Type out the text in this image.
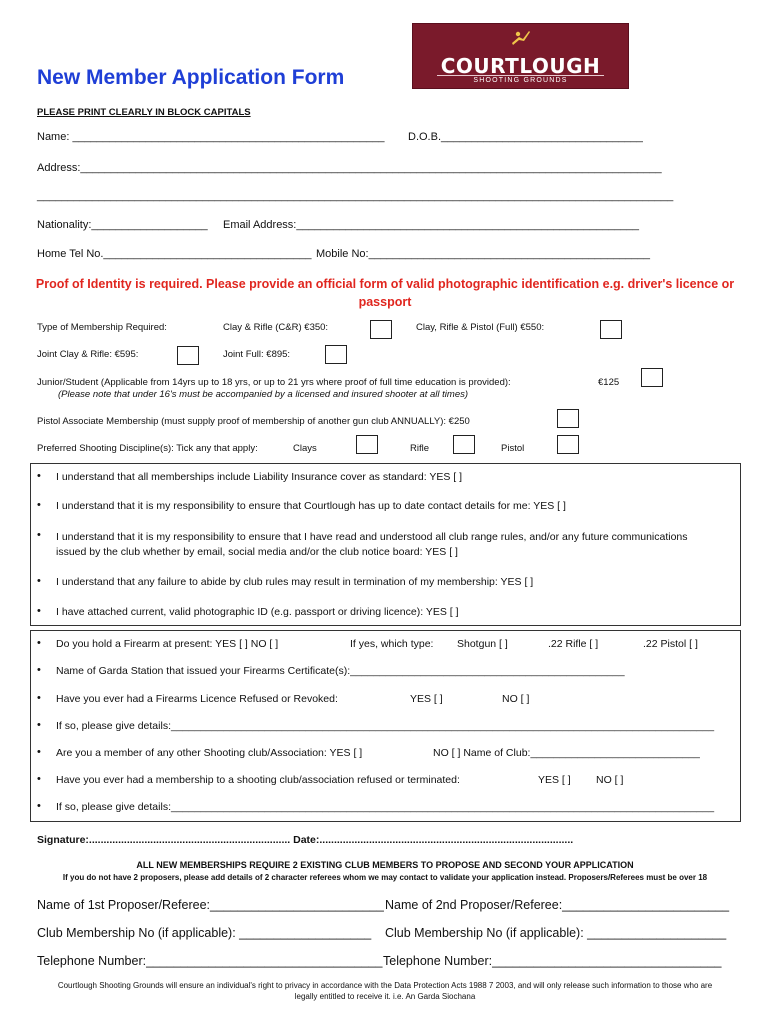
New Member Application Form	COURTLOUGH
SHOOTING GROUNDS
PLEASE PRINT CLEARLY IN BLOCK CAPITALS
Name: ___________________________________________________ D.O.B._________________________________
Address:_______________________________________________________________________________________________
________________________________________________________________________________________________________
Nationality:___________________ Email Address:________________________________________________________
Home Tel No.__________________________________ Mobile No:______________________________________________
Proof of Identity is required. Please provide an official form of valid photographic identification e.g. driver's licence or passport
Type of Membership Required:	Clay & Rifle (C&R) €350:	Clay, Rifle & Pistol (Full) €550:
Joint Clay & Rifle: €595:	Joint Full: €895:
Junior/Student (Applicable from 14yrs up to 18 yrs, or up to 21 yrs where proof of full time education is provided):	€125
(Please note that under 16's must be accompanied by a licensed and insured shooter at all times)
Pistol Associate Membership (must supply proof of membership of another gun club ANNUALLY): €250
Preferred Shooting Discipline(s): Tick any that apply:	Clays	Rifle	Pistol
• I understand that all memberships include Liability Insurance cover as standard: YES [ ]
• I understand that it is my responsibility to ensure that Courtlough has up to date contact details for me: YES [ ]
• I understand that it is my responsibility to ensure that I have read and understood all club range rules, and/or any future communications issued by the club whether by email, social media and/or the club notice board: YES [ ]
• I understand that any failure to abide by club rules may result in termination of my membership: YES [ ]
• I have attached current, valid photographic ID (e.g. passport or driving licence): YES [ ]
• Do you hold a Firearm at present: YES [ ] NO [ ]	If yes, which type: Shotgun [ ]	.22 Rifle [ ]	.22 Pistol [ ]
• Name of Garda Station that issued your Firearms Certificate(s):_______________________________________________
• Have you ever had a Firearms Licence Refused or Revoked:	YES [ ]	NO [ ]
• If so, please give details:_____________________________________________________________________________________________
• Are you a member of any other Shooting club/Association: YES [ ]	NO [ ] Name of Club:_____________________________
• Have you ever had a membership to a shooting club/association refused or terminated:	YES [ ] NO [ ]
• If so, please give details:_____________________________________________________________________________________________
Signature:..................................................................... Date:.......................................................................................
ALL NEW MEMBERSHIPS REQUIRE 2 EXISTING CLUB MEMBERS TO PROPOSE AND SECOND YOUR APPLICATION
If you do not have 2 proposers, please add details of 2 character referees whom we may contact to validate your application instead. Proposers/Referees must be over 18
Name of 1st Proposer/Referee:_________________________ Name of 2nd Proposer/Referee:________________________
Club Membership No (if applicable): ___________________ Club Membership No (if applicable): ____________________
Telephone Number:__________________________________ Telephone Number:_________________________________
Courtlough Shooting Grounds will ensure an individual's right to privacy in accordance with the Data Protection Acts 1988 7 2003, and will only release such information to those who are legally entitled to receive it. i.e. An Garda Siochana
